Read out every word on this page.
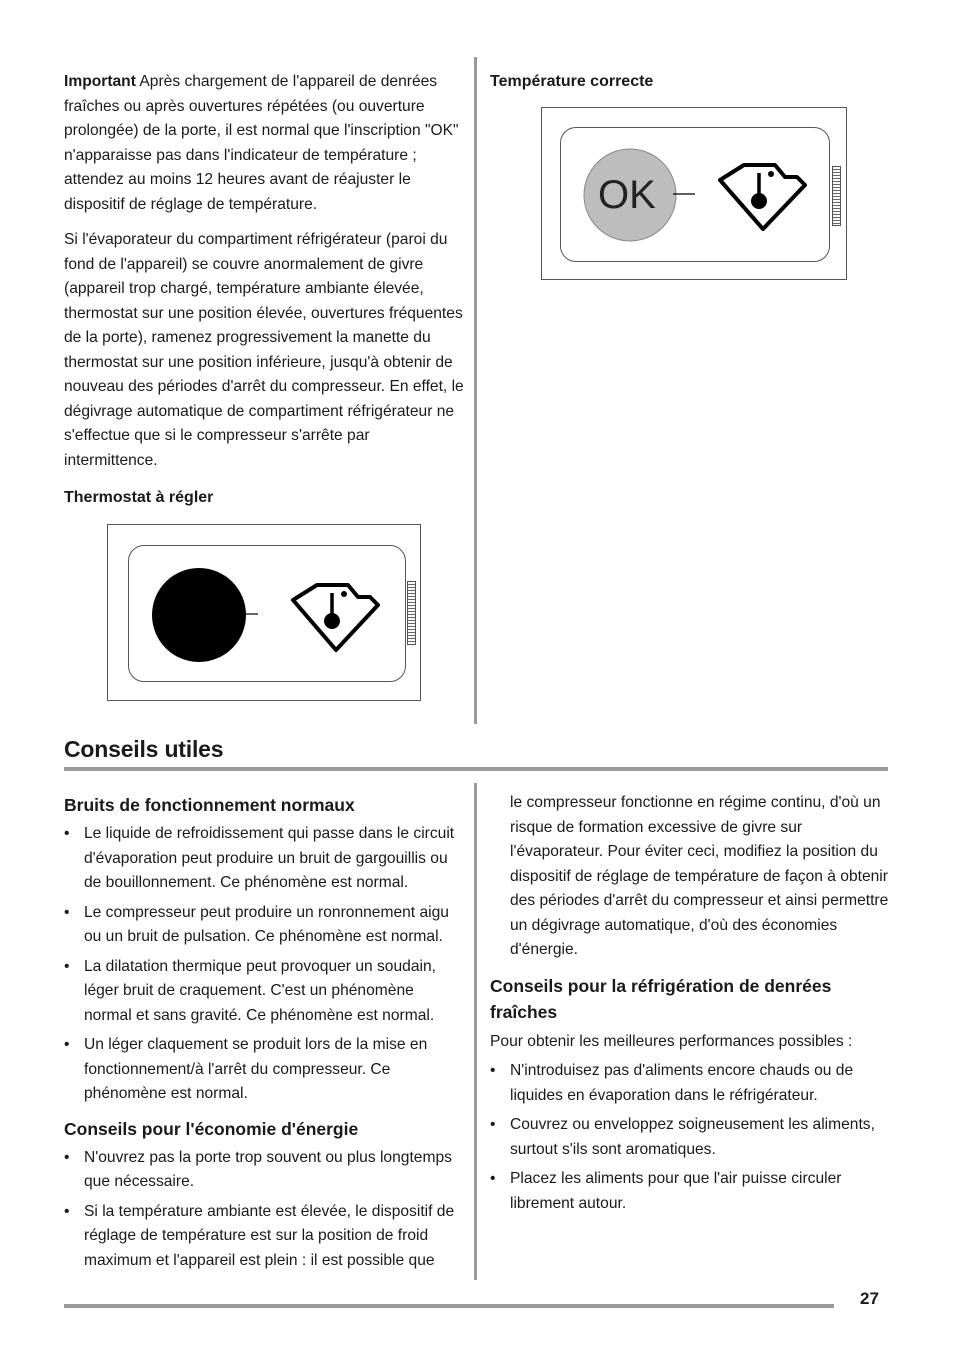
Important Après chargement de l'appareil de denrées fraîches ou après ouvertures répétées (ou ouverture prolongée) de la porte, il est normal que l'inscription "OK" n'apparaisse pas dans l'indicateur de température ; attendez au moins 12 heures avant de réajuster le dispositif de réglage de température.

Si l'évaporateur du compartiment réfrigérateur (paroi du fond de l'appareil) se couvre anormalement de givre (appareil trop chargé, température ambiante élevée, thermostat sur une position élevée, ouvertures fréquentes de la porte), ramenez progressivement la manette du thermostat sur une position inférieure, jusqu'à obtenir de nouveau des périodes d'arrêt du compresseur. En effet, le dégivrage automatique de compartiment réfrigérateur ne s'effectue que si le compresseur s'arrête par intermittence.

Thermostat à régler

Température correcte

OK
Conseils utiles
Bruits de fonctionnement normaux
• Le liquide de refroidissement qui passe dans le circuit d'évaporation peut produire un bruit de gargouillis ou de bouillonnement. Ce phénomène est normal.
• Le compresseur peut produire un ronronnement aigu ou un bruit de pulsation. Ce phénomène est normal.
• La dilatation thermique peut provoquer un soudain, léger bruit de craquement. C'est un phénomène normal et sans gravité. Ce phénomène est normal.
• Un léger claquement se produit lors de la mise en fonctionnement/à l'arrêt du compresseur. Ce phénomène est normal.
Conseils pour l'économie d'énergie
• N'ouvrez pas la porte trop souvent ou plus longtemps que nécessaire.
• Si la température ambiante est élevée, le dispositif de réglage de température est sur la position de froid maximum et l'appareil est plein : il est possible que

le compresseur fonctionne en régime continu, d'où un risque de formation excessive de givre sur l'évaporateur. Pour éviter ceci, modifiez la position du dispositif de réglage de température de façon à obtenir des périodes d'arrêt du compresseur et ainsi permettre un dégivrage automatique, d'où des économies d'énergie.

Conseils pour la réfrigération de denrées fraîches

Pour obtenir les meilleures performances possibles :

• N'introduisez pas d'aliments encore chauds ou de liquides en évaporation dans le réfrigérateur.
• Couvrez ou enveloppez soigneusement les aliments, surtout s'ils sont aromatiques.
• Placez les aliments pour que l'air puisse circuler librement autour.
27
